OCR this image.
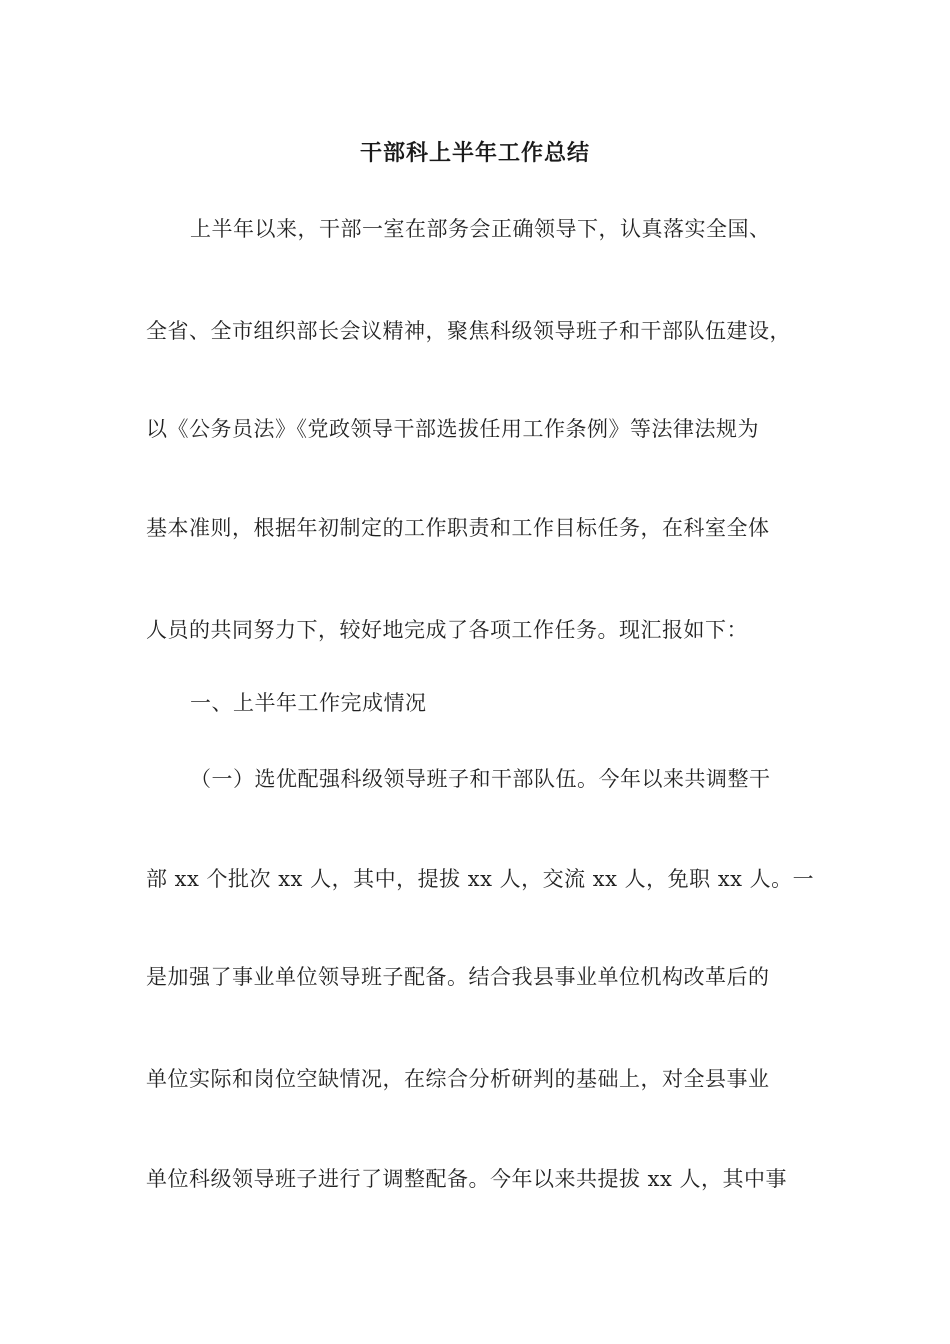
干部科上半年工作总结
上半年以来，干部一室在部务会正确领导下，认真落实全国、
全省、全市组织部长会议精神，聚焦科级领导班子和干部队伍建设，
以《公务员法》《党政领导干部选拔任用工作条例》等法律法规为
基本准则，根据年初制定的工作职责和工作目标任务，在科室全体
人员的共同努力下，较好地完成了各项工作任务。现汇报如下：
一、上半年工作完成情况
（一）选优配强科级领导班子和干部队伍。今年以来共调整干
部 xx 个批次 xx 人，其中，提拔 xx 人，交流 xx 人，免职 xx 人。一
是加强了事业单位领导班子配备。结合我县事业单位机构改革后的
单位实际和岗位空缺情况，在综合分析研判的基础上，对全县事业
单位科级领导班子进行了调整配备。今年以来共提拔 xx 人，其中事
